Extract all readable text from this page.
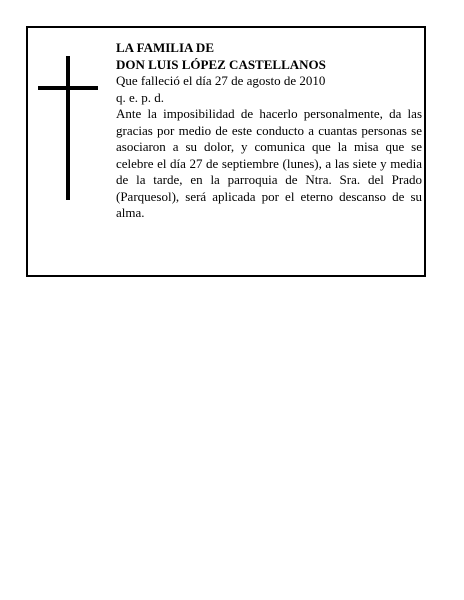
LA FAMILIA DE

DON LUIS LÓPEZ CASTELLANOS

Que falleció el día 27 de agosto de 2010

q. e. p. d.

Ante la imposibilidad de hacerlo personalmente, da las gracias por medio de este conducto a cuantas personas se asociaron a su dolor, y comunica que la misa que se celebre el día 27 de septiembre (lunes), a las siete y media de la tarde, en la parroquia de Ntra. Sra. del Prado (Parquesol), será aplicada por el eterno descanso de su alma.
